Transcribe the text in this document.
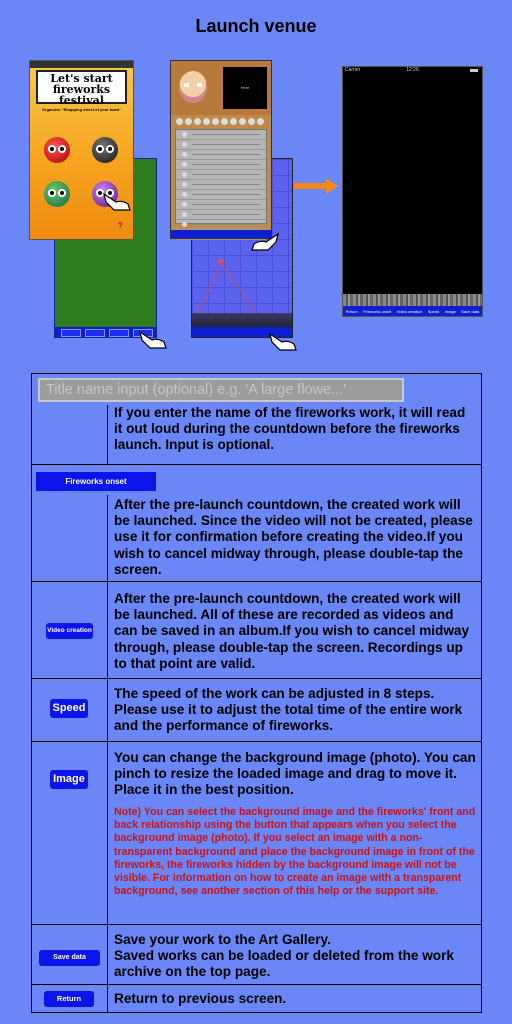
Launch venue
Let's start
fireworks
festival
Organizer "Shopping street of your town"
?
Here
Carrier	12:26
Return Fireworks onset Video creation Speed Image Save data
Title name input (optional) e.g. 'A large flowe...'
If you enter the name of the fireworks work, it will read it out loud during the countdown before the fireworks launch. Input is optional.
Fireworks onset
After the pre-launch countdown, the created work will be launched. Since the video will not be created, please use it for confirmation before creating the video.If you wish to cancel midway through, please double-tap the screen.
Video creation
After the pre-launch countdown, the created work will be launched. All of these are recorded as videos and can be saved in an album.If you wish to cancel midway through, please double-tap the screen. Recordings up to that point are valid.
Speed
The speed of the work can be adjusted in 8 steps. Please use it to adjust the total time of the entire work and the performance of fireworks.
Image
You can change the background image (photo). You can pinch to resize the loaded image and drag to move it. Place it in the best position.
Note) You can select the background image and the fireworks' front and back relationship using the button that appears when you select the background image (photo). If you select an image with a non-transparent background and place the background image in front of the fireworks, the fireworks hidden by the background image will not be visible. For information on how to create an image with a transparent background, see another section of this help or the support site.
Save data
Save your work to the Art Gallery.
Saved works can be loaded or deleted from the work archive on the top page.
Return	Return to previous screen.
